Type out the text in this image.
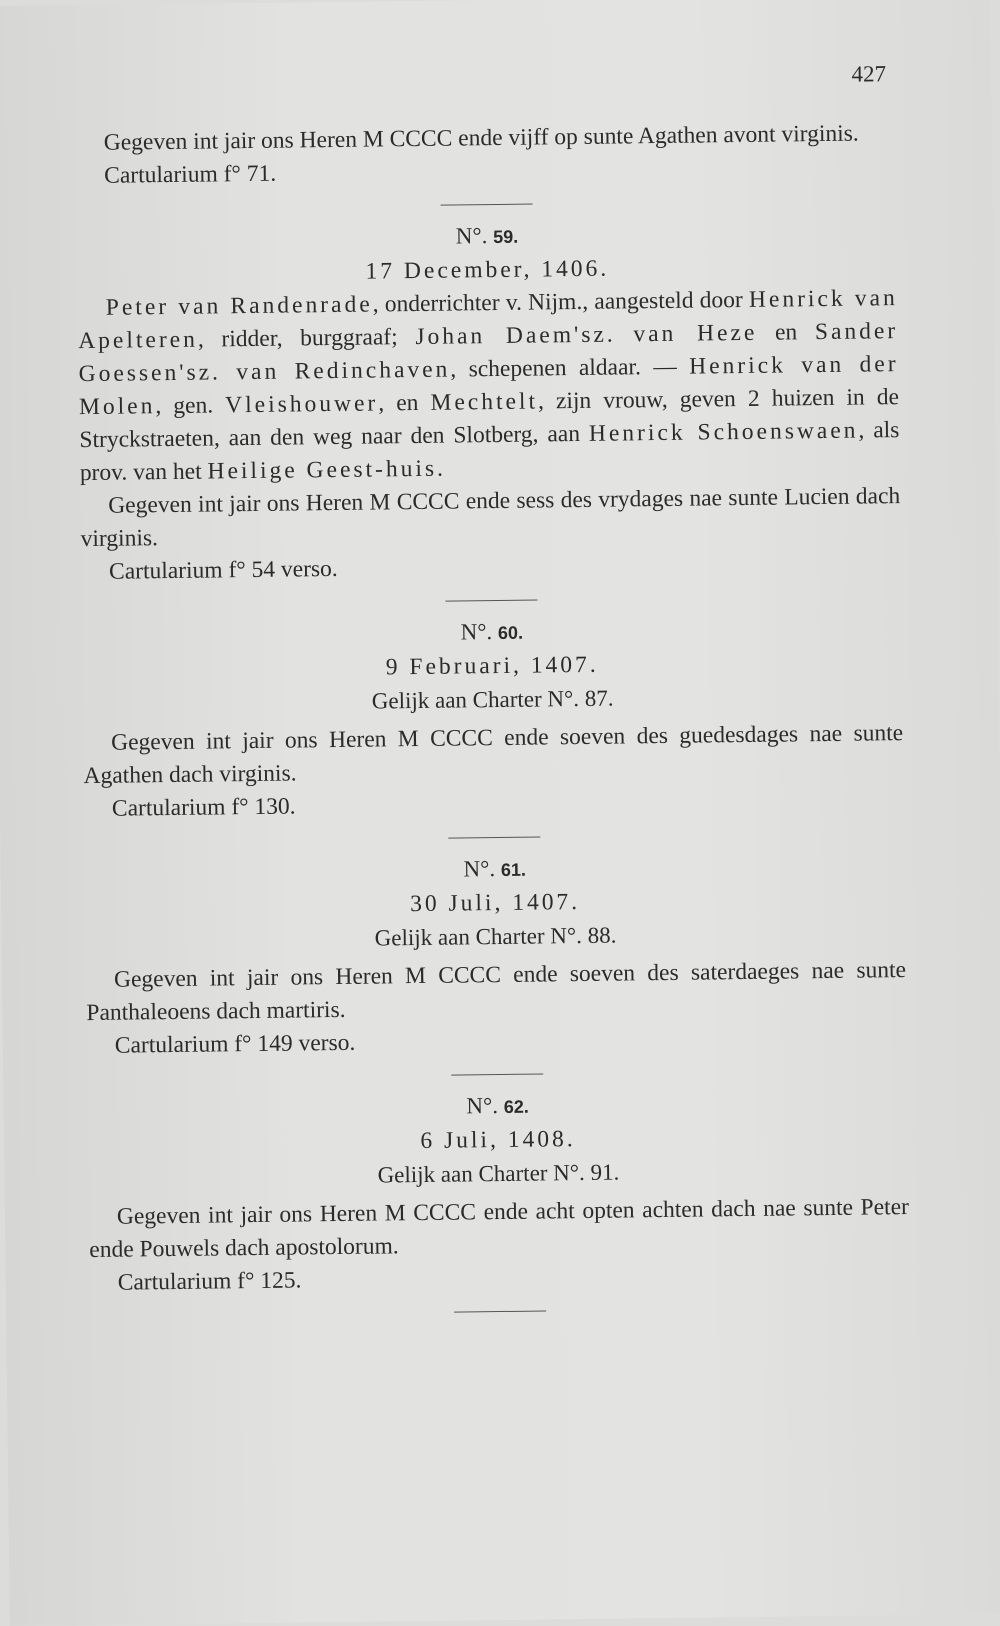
427

Gegeven int jair ons Heren M CCCC ende vijff op sunte Agathen avont virginis.

Cartularium f° 71.

N°. 59.
17 December, 1406.

Peter van Randenrade, onderrichter v. Nijm., aangesteld door Henrick van Apelteren, ridder, burggraaf; Johan Daem'sz. van Heze en Sander Goessen'sz. van Redinchaven, schepenen aldaar. — Henrick van der Molen, gen. Vleishouwer, en Mechtelt, zijn vrouw, geven 2 huizen in de Stryckstraeten, aan den weg naar den Slotberg, aan Henrick Schoenswaen, als prov. van het Heilige Geest-huis.

Gegeven int jair ons Heren M CCCC ende sess des vrydages nae sunte Lucien dach virginis.

Cartularium f° 54 verso.

N°. 60.
9 Februari, 1407.
Gelijk aan Charter N°. 87.

Gegeven int jair ons Heren M CCCC ende soeven des guedesdages nae sunte Agathen dach virginis.

Cartularium f° 130.

N°. 61.
30 Juli, 1407.
Gelijk aan Charter N°. 88.

Gegeven int jair ons Heren M CCCC ende soeven des saterdaeges nae sunte Panthaleoens dach martiris.

Cartularium f° 149 verso.

N°. 62.
6 Juli, 1408.
Gelijk aan Charter N°. 91.

Gegeven int jair ons Heren M CCCC ende acht opten achten dach nae sunte Peter ende Pouwels dach apostolorum.

Cartularium f° 125.
